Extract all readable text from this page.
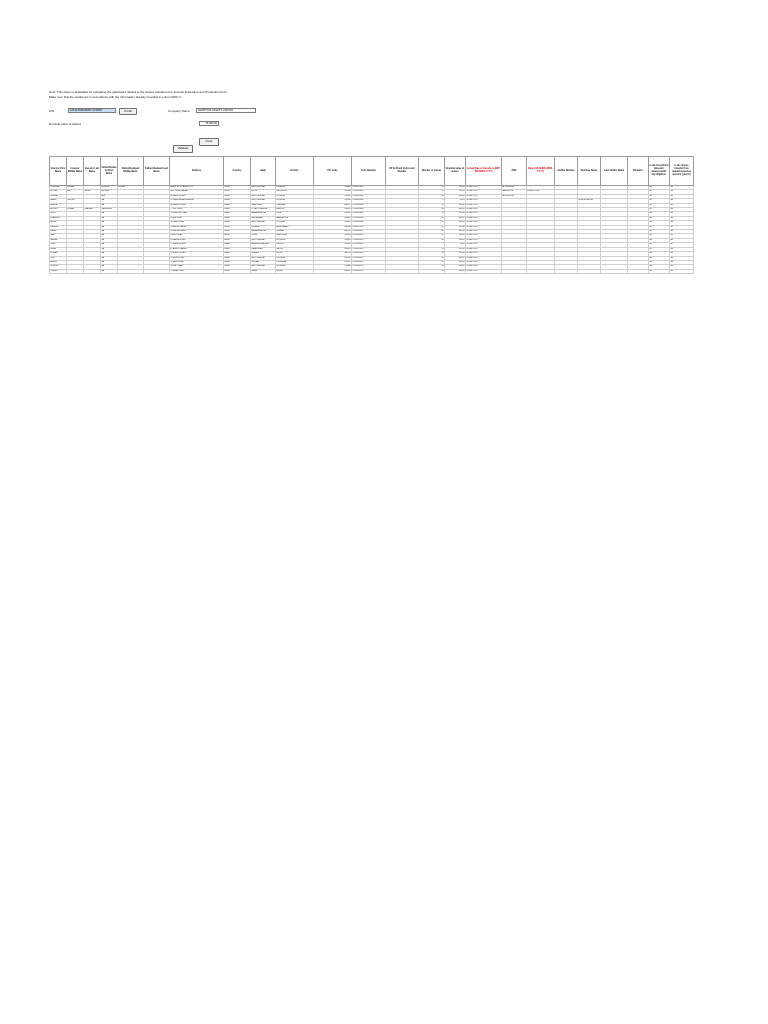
Note: This sheet is applicable for uploading the particulars related to the shares transferred to Investor Education and Protection Fund.
Make sure that the details are in accordance with the information already provided in e-form IEPF-4.
CIN	L65121WB1983PLC035857	Prefill	Company Name	RAMPYARI ASSETS LIMITED
Nominal value of shares	45,686.00
Validate
Clear
Investor First Name	Investor Middle Name	Investor Last Name	Father/Husband First Name	Father/Husband Middle Name	Father/Husband Last Name	Address	Country	State	District	Pin Code	Folio Number	DP Id-Client Id-Account Number	Number of shares	Nominal value of shares	Actual Date of transfer to IEPF (DD-MON-YYYY)	PAN	Date of Birth(DD-MON-YYYY)	Aadhar Number	Nominee Name	Joint Holder Name	Remarks	Is the Investment (amount / shares) under any litigation.	Is the shares transfer from unpaid suspense account (yes/no)
LOKESHA	KUMAR		SURESH	KUMAR		WARD NO 6 KANNUR P.O	INDIA	WEST BENGAL	KOLKATA	700001	CLK0000001		25	250.00	02-SEP-2022	APPXM1020F						No	No
PRIYAN	PAL	SINGH	SATNAM			H-12 PREM NAGAR	INDIA	DELHI	NEW DELHI	110008	CLK0000002		10	100.00	02-SEP-2022	AAFPS4211L	10-AUG-1978					No	No
DEEPAK			ANIL			44 PARK STREET	INDIA	WEST BENGAL	KOLKATA	700016	CLK0000003		50	500.00	02-SEP-2022	BKLPD8823Q						No	No
SAMIR	GHOSH		NA			12 RASH BEHARI AVENUE	INDIA	WEST BENGAL	KOLKATA	700026	CLK0000004		5	50.00	02-SEP-2022				SUMITA GHOSH			No	No
MEENA			NA			88 NEHRU ROAD	INDIA	TAMIL NADU	CHENNAI	600017	CLK0000005		20	200.00	02-SEP-2022							No	No
ARVIND	KUMAR	SHARMA	RAJENDRA			7 CIVIL LINES	INDIA	UTTAR PRADESH	KANPUR	208001	CLK0000006		40	400.00	02-SEP-2022							No	No
SUNIL			NA			23 STATION ROAD	INDIA	MAHARASHTRA	PUNE	411001	CLK0000007		15	150.00	02-SEP-2022							No	No
PRAKASH			NA			15 MG ROAD	INDIA	KARNATAKA	BANGALORE	560001	CLK0000008		30	300.00	02-SEP-2022							No	No
ANITA			NA			56 LAKE ROAD	INDIA	WEST BENGAL	KOLKATA	700029	CLK0000009		10	100.00	02-SEP-2022							No	No
RAJESH			NA			9 GANDHI NAGAR	INDIA	GUJARAT	AHMEDABAD	380009	CLK0000010		25	250.00	02-SEP-2022							No	No
KAMAL			NA			31 SHIVAJI MARG	INDIA	MAHARASHTRA	MUMBAI	400012	CLK0000011		50	500.00	02-SEP-2022							No	No
RAVI			NA			4 RING ROAD	INDIA	DELHI	NEW DELHI	110024	CLK0000012		10	100.00	02-SEP-2022							No	No
SANJAY			NA			18 HAZRA ROAD	INDIA	WEST BENGAL	KOLKATA	700019	CLK0000013		20	200.00	02-SEP-2022							No	No
VIJAY			NA			27 BANK STREET	INDIA	ANDHRA PRADESH	GUNTUR	522001	CLK0000014		5	50.00	02-SEP-2022							No	No
NEHA			NA			62 ASHOK NAGAR	INDIA	RAJASTHAN	JAIPUR	302001	CLK0000015		15	150.00	02-SEP-2022							No	No
MOHAN			NA			3 TEMPLE ROAD	INDIA	KERALA	KOCHI	682011	CLK0000016		35	350.00	02-SEP-2022							No	No
GITA			NA			70 BOSE ROAD	INDIA	WEST BENGAL	KOLKATA	700014	CLK0000017		10	100.00	02-SEP-2022							No	No
ASHOK			NA			11 MALL ROAD	INDIA	PUNJAB	LUDHIANA	141001	CLK0000018		20	200.00	02-SEP-2022							No	No
SURESH			NA			45 SALT LAKE	INDIA	WEST BENGAL	KOLKATA	700064	CLK0000019		25	250.00	02-SEP-2022							No	No
DINESH			NA			6 CANAL ROAD	INDIA	BIHAR	PATNA	800001	CLK0000020		10	100.00	02-SEP-2022							No	No
